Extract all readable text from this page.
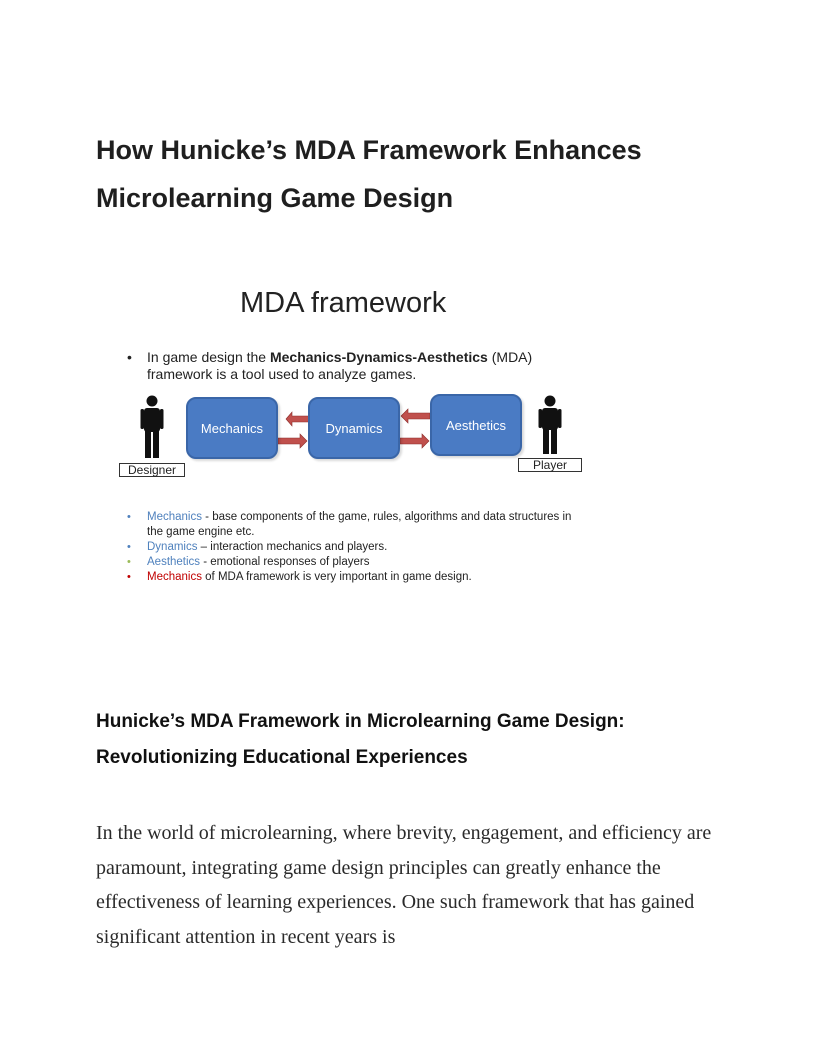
How Hunicke’s MDA Framework Enhances Microlearning Game Design
MDA framework
• In game design the Mechanics-Dynamics-Aesthetics (MDA) framework is a tool used to analyze games.
Designer	Player
Mechanics	Dynamics	Aesthetics
• Mechanics - base components of the game, rules, algorithms and data structures in the game engine etc.
• Dynamics – interaction mechanics and players.
• Aesthetics - emotional responses of players
• Mechanics of MDA framework is very important in game design.
Hunicke’s MDA Framework in Microlearning Game Design: Revolutionizing Educational Experiences

In the world of microlearning, where brevity, engagement, and efficiency are paramount, integrating game design principles can greatly enhance the effectiveness of learning experiences. One such framework that has gained significant attention in recent years is
